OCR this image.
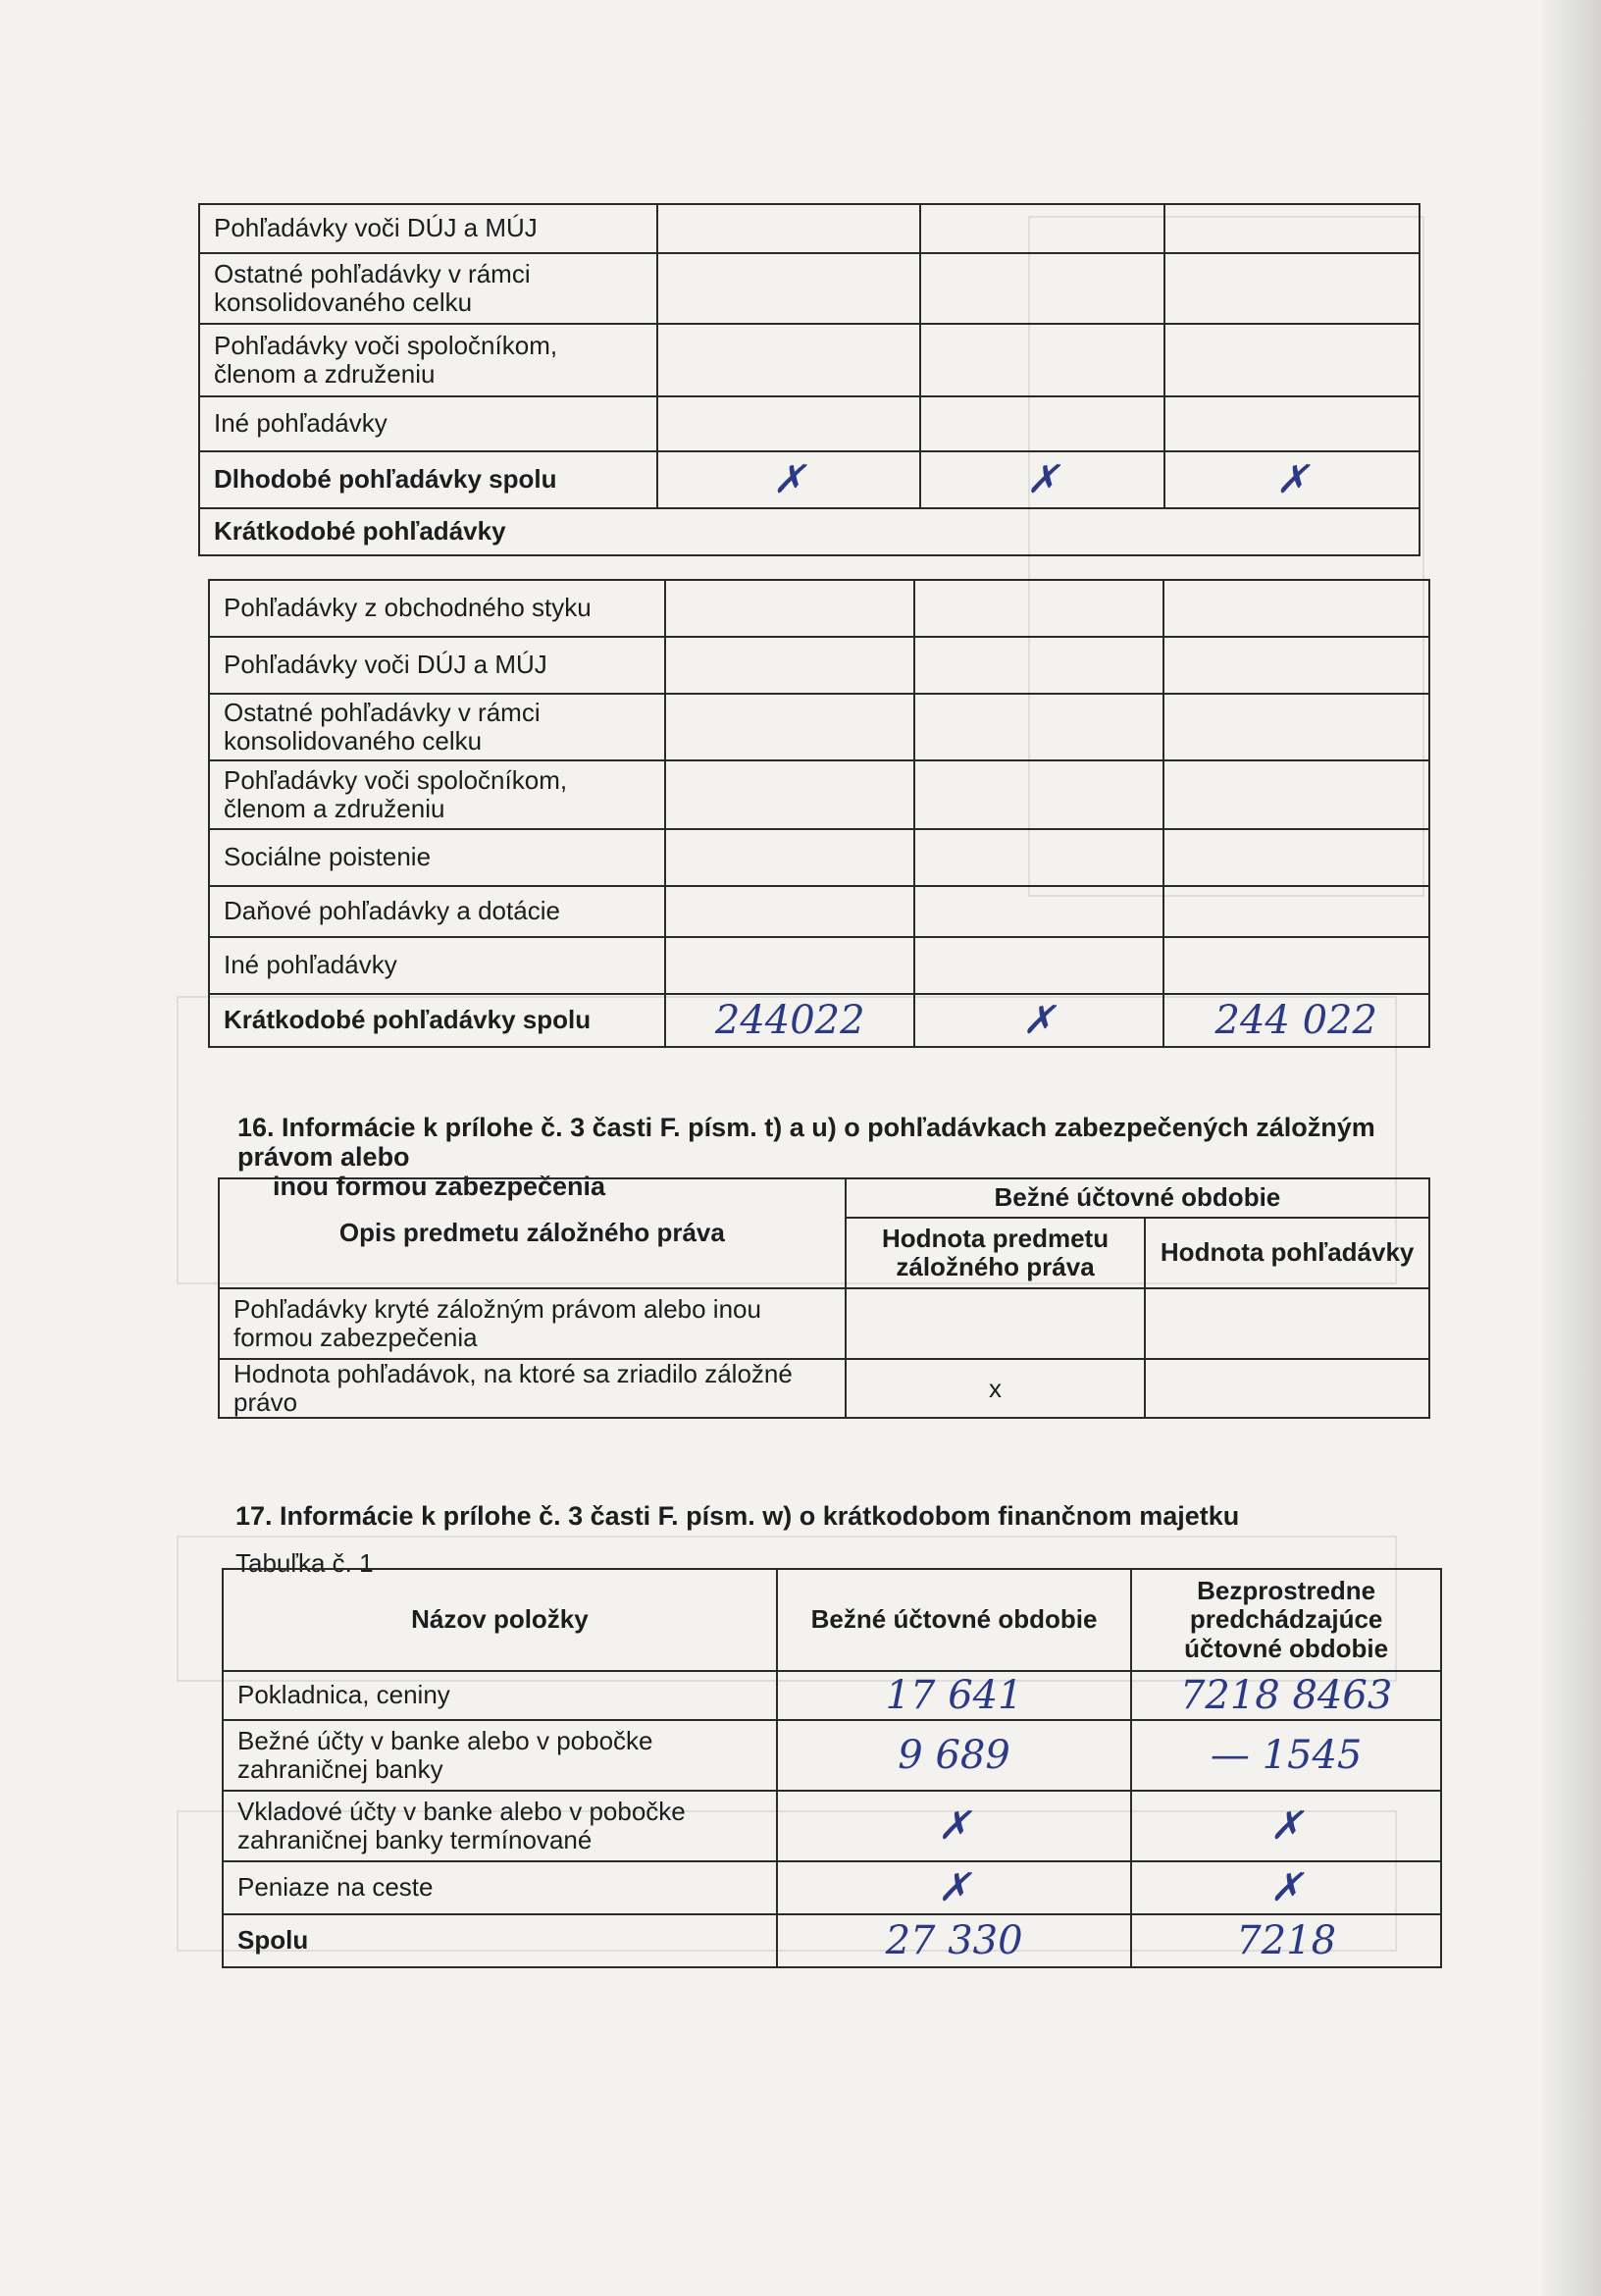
Pohľadávky voči DÚJ a MÚJ			
Ostatné pohľadávky v rámci konsolidovaného celku			
Pohľadávky voči spoločníkom, členom a združeniu			
Iné pohľadávky			
Dlhodobé pohľadávky spolu	✗	✗	✗
Krátkodobé pohľadávky			
Pohľadávky z obchodného styku			
Pohľadávky voči DÚJ a MÚJ			
Ostatné pohľadávky v rámci konsolidovaného celku			
Pohľadávky voči spoločníkom, členom a združeniu			
Sociálne poistenie			
Daňové pohľadávky a dotácie			
Iné pohľadávky			
Krátkodobé pohľadávky spolu	244022	✗	244 022
16. Informácie k prílohe č. 3 časti F. písm. t) a u) o pohľadávkach zabezpečených záložným právom alebo
inou formou zabezpečenia
Opis predmetu záložného práva	Bežné účtovné obdobie	
	Hodnota predmetu záložného práva	Hodnota pohľadávky
Pohľadávky kryté záložným právom alebo inou formou zabezpečenia		
Hodnota pohľadávok, na ktoré sa zriadilo záložné právo	x	
17. Informácie k prílohe č. 3 časti F. písm. w) o krátkodobom finančnom majetku
Tabuľka č. 1
Názov položky	Bežné účtovné obdobie	Bezprostredne predchádzajúce účtovné obdobie
Pokladnica, ceniny	17 641	7218 8463
Bežné účty v banke alebo v pobočke zahraničnej banky	9 689	— 1545
Vkladové účty v banke alebo v pobočke zahraničnej banky termínované	✗	✗
Peniaze na ceste	✗	✗
Spolu	27 330	7218
